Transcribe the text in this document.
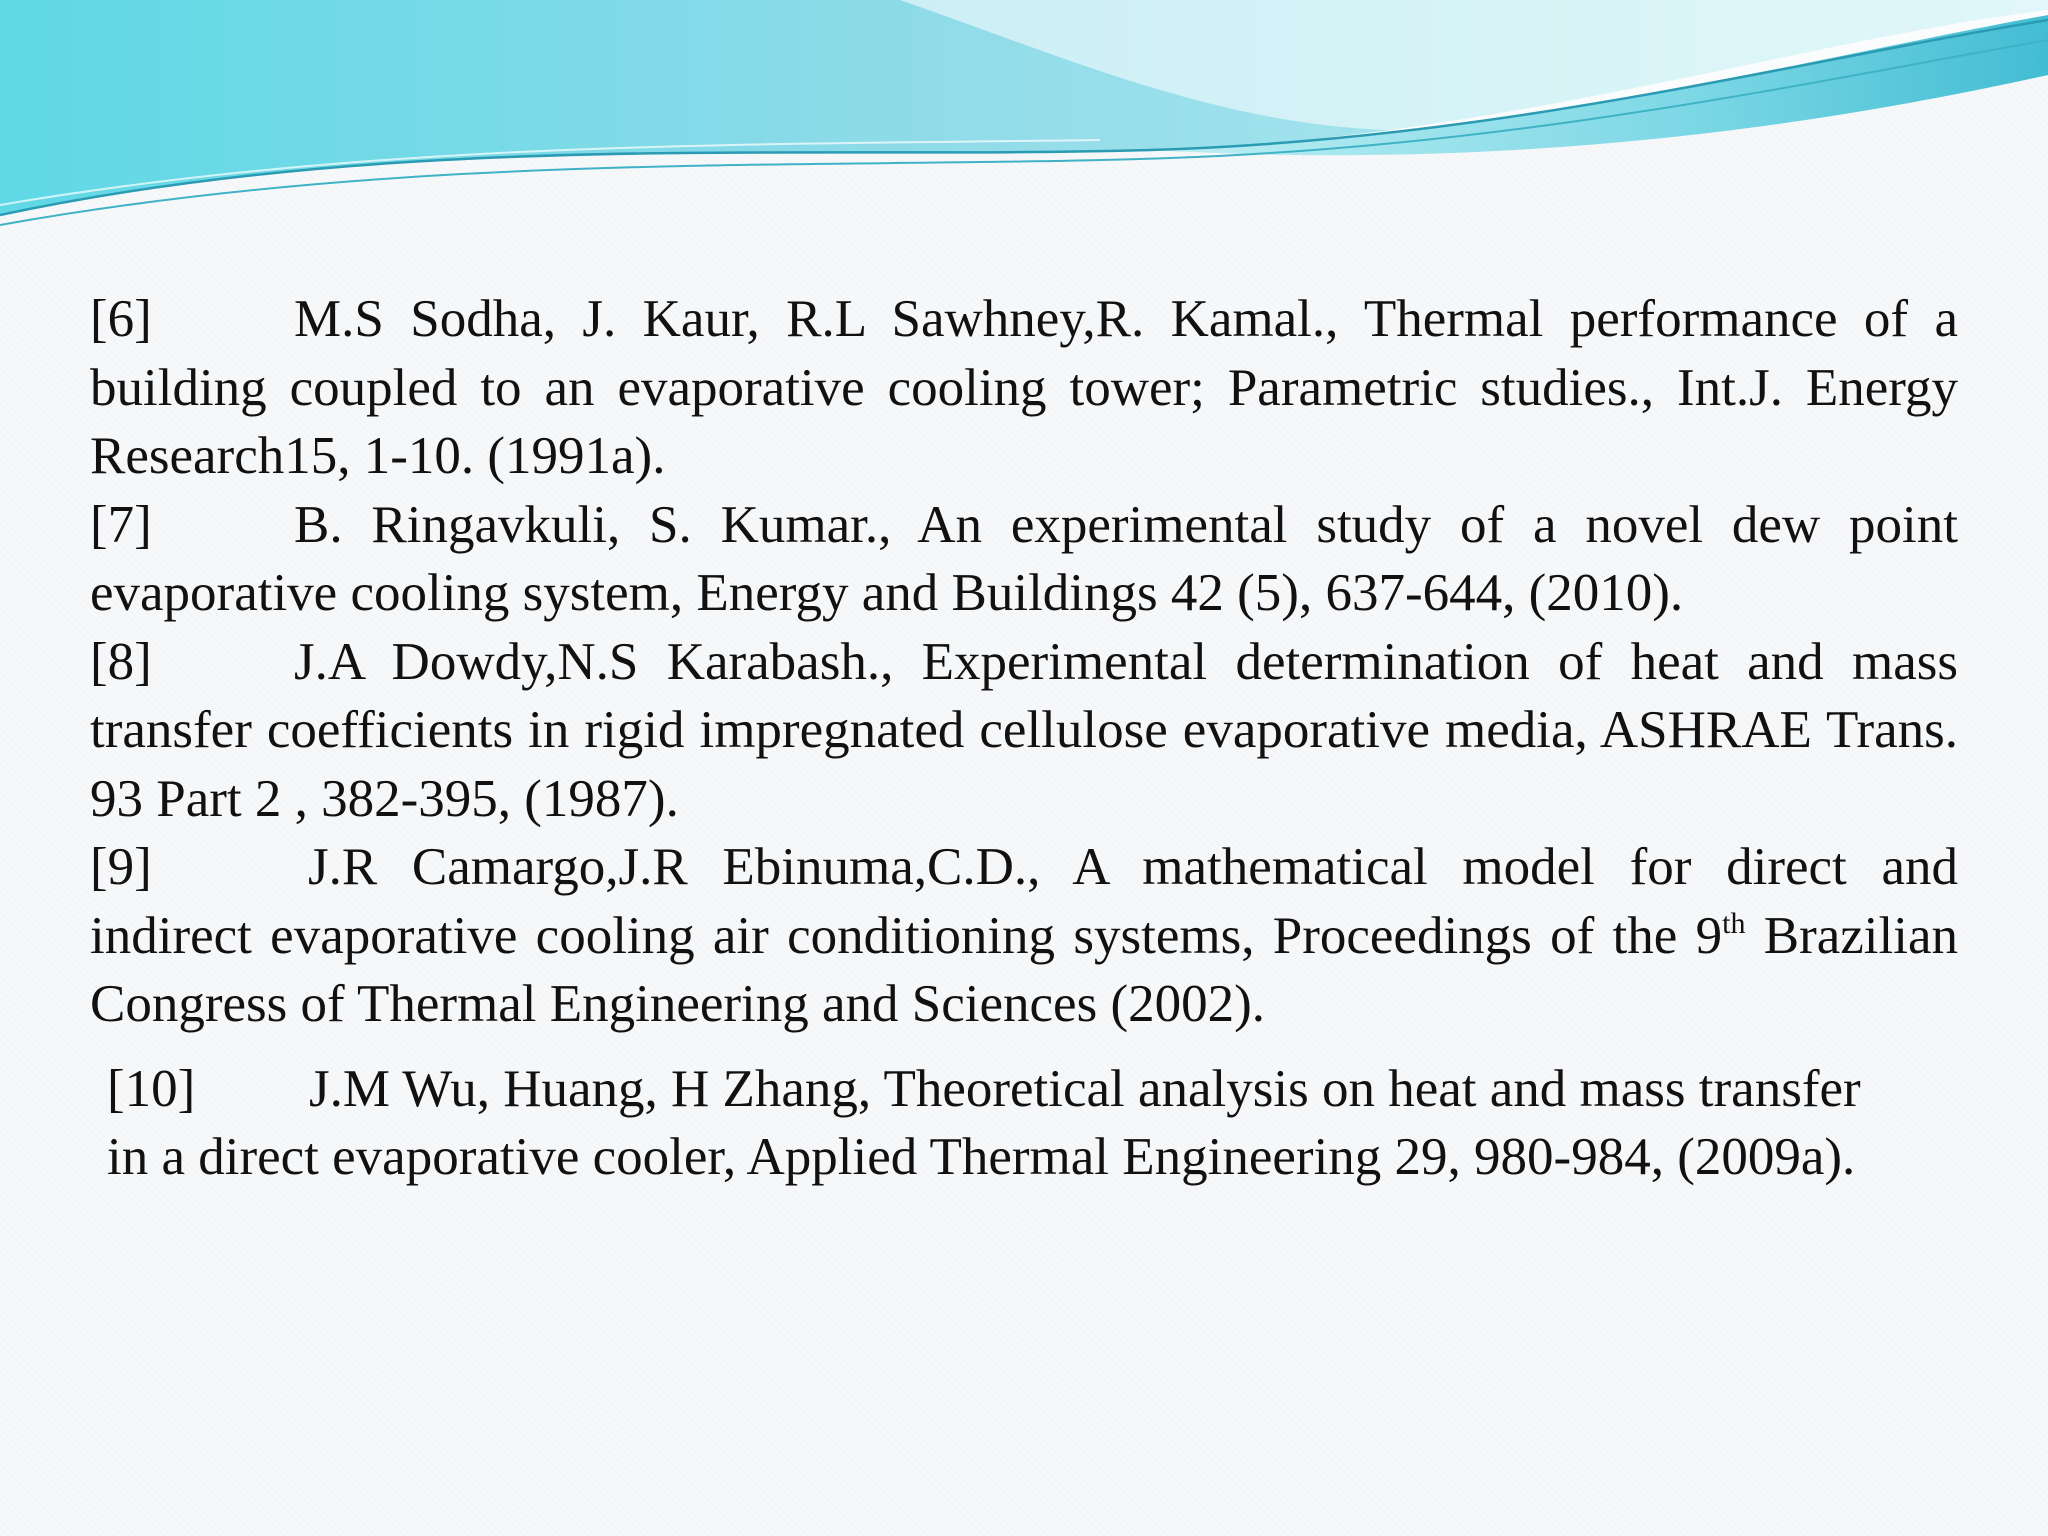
[6]	M.S Sodha, J. Kaur, R.L Sawhney,R. Kamal., Thermal performance of a building coupled to an evaporative cooling tower; Parametric studies., Int.J. Energy Research15, 1-10. (1991a).

[7]	B. Ringavkuli, S. Kumar., An experimental study of a novel dew point evaporative cooling system, Energy and Buildings 42 (5), 637-644, (2010).

[8]	J.A Dowdy,N.S Karabash., Experimental determination of heat and mass transfer coefficients in rigid impregnated cellulose evaporative media, ASHRAE Trans. 93 Part 2 , 382-395, (1987).

[9]	J.R Camargo,J.R Ebinuma,C.D., A mathematical model for direct and indirect evaporative cooling air conditioning systems, Proceedings of the 9th Brazilian Congress of Thermal Engineering and Sciences (2002).

[10] J.M Wu, Huang, H Zhang, Theoretical analysis on heat and mass transfer in a direct evaporative cooler, Applied Thermal Engineering 29, 980-984, (2009a).
